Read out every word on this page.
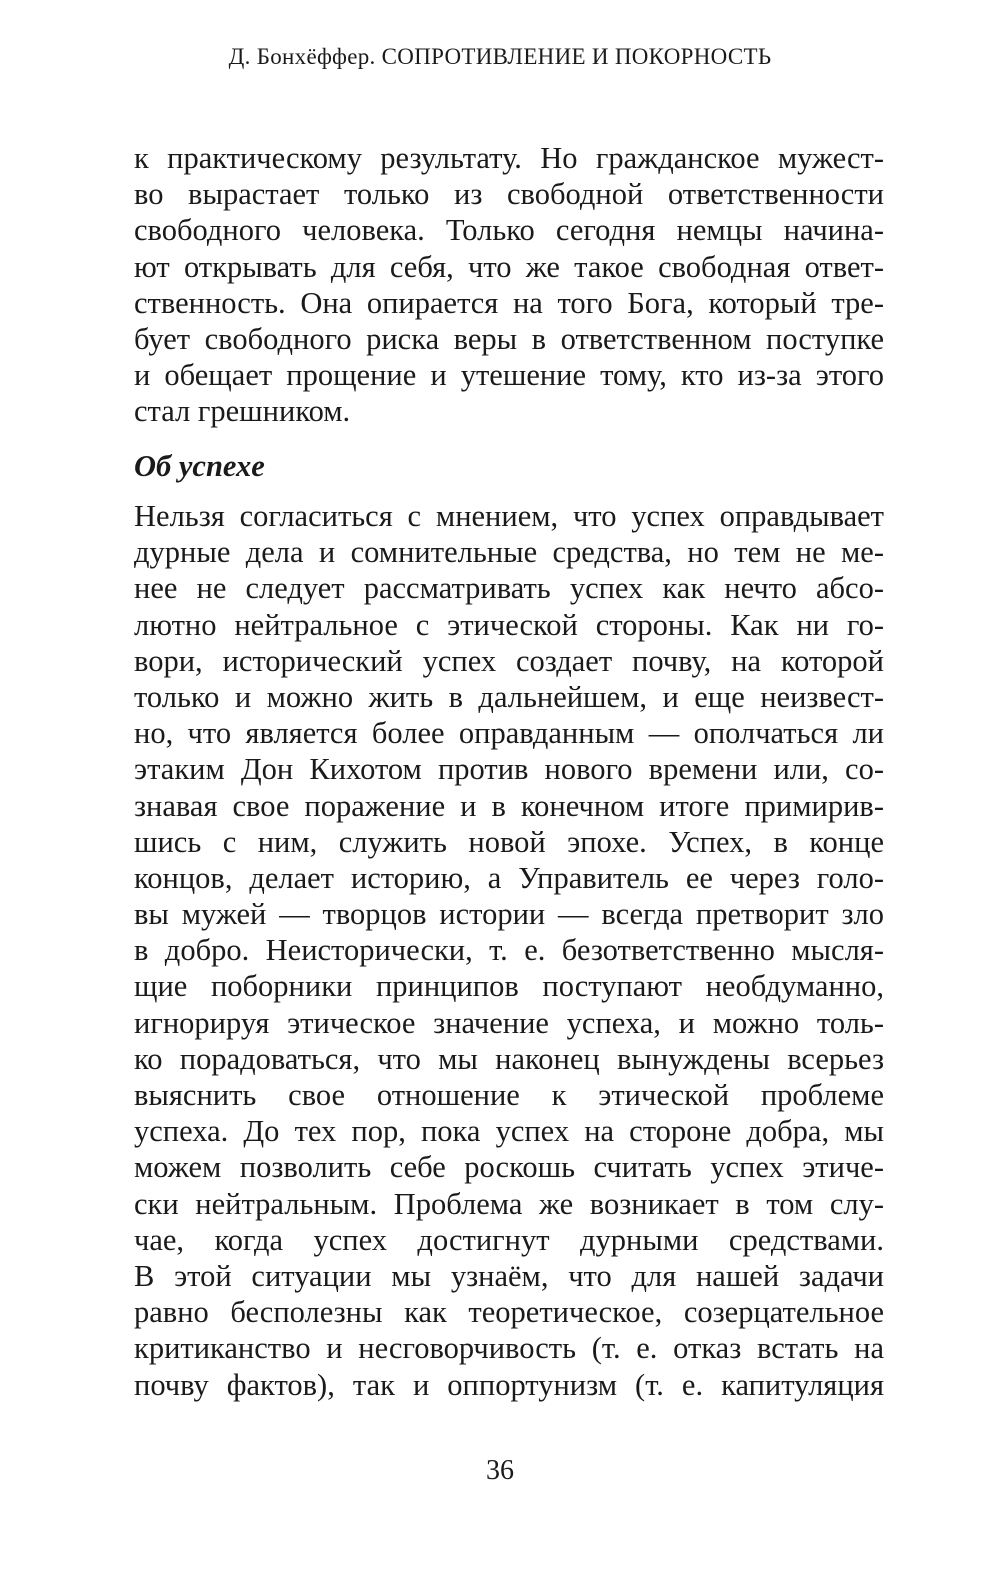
Д. Бонхёффер. СОПРОТИВЛЕНИЕ И ПОКОРНОСТЬ
к практическому результату. Но гражданское мужест-
во вырастает только из свободной ответственности
свободного человека. Только сегодня немцы начина-
ют открывать для себя, что же такое свободная ответ-
ственность. Она опирается на того Бога, который тре-
бует свободного риска веры в ответственном поступке
и обещает прощение и утешение тому, кто из-за этого
стал грешником.
Об успехе
Нельзя согласиться с мнением, что успех оправдывает
дурные дела и сомнительные средства, но тем не ме-
нее не следует рассматривать успех как нечто абсо-
лютно нейтральное с этической стороны. Как ни го-
вори, исторический успех создает почву, на которой
только и можно жить в дальнейшем, и еще неизвест-
но, что является более оправданным — ополчаться ли
этаким Дон Кихотом против нового времени или, со-
знавая свое поражение и в конечном итоге примирив-
шись с ним, служить новой эпохе. Успех, в конце
концов, делает историю, а Управитель ее через голо-
вы мужей — творцов истории — всегда претворит зло
в добро. Неисторически, т. е. безответственно мысля-
щие поборники принципов поступают необдуманно,
игнорируя этическое значение успеха, и можно толь-
ко порадоваться, что мы наконец вынуждены всерьез
выяснить свое отношение к этической проблеме
успеха. До тех пор, пока успех на стороне добра, мы
можем позволить себе роскошь считать успех этиче-
ски нейтральным. Проблема же возникает в том слу-
чае, когда успех достигнут дурными средствами.
В этой ситуации мы узнаём, что для нашей задачи
равно бесполезны как теоретическое, созерцательное
критиканство и несговорчивость (т. е. отказ встать на
почву фактов), так и оппортунизм (т. е. капитуляция
36
